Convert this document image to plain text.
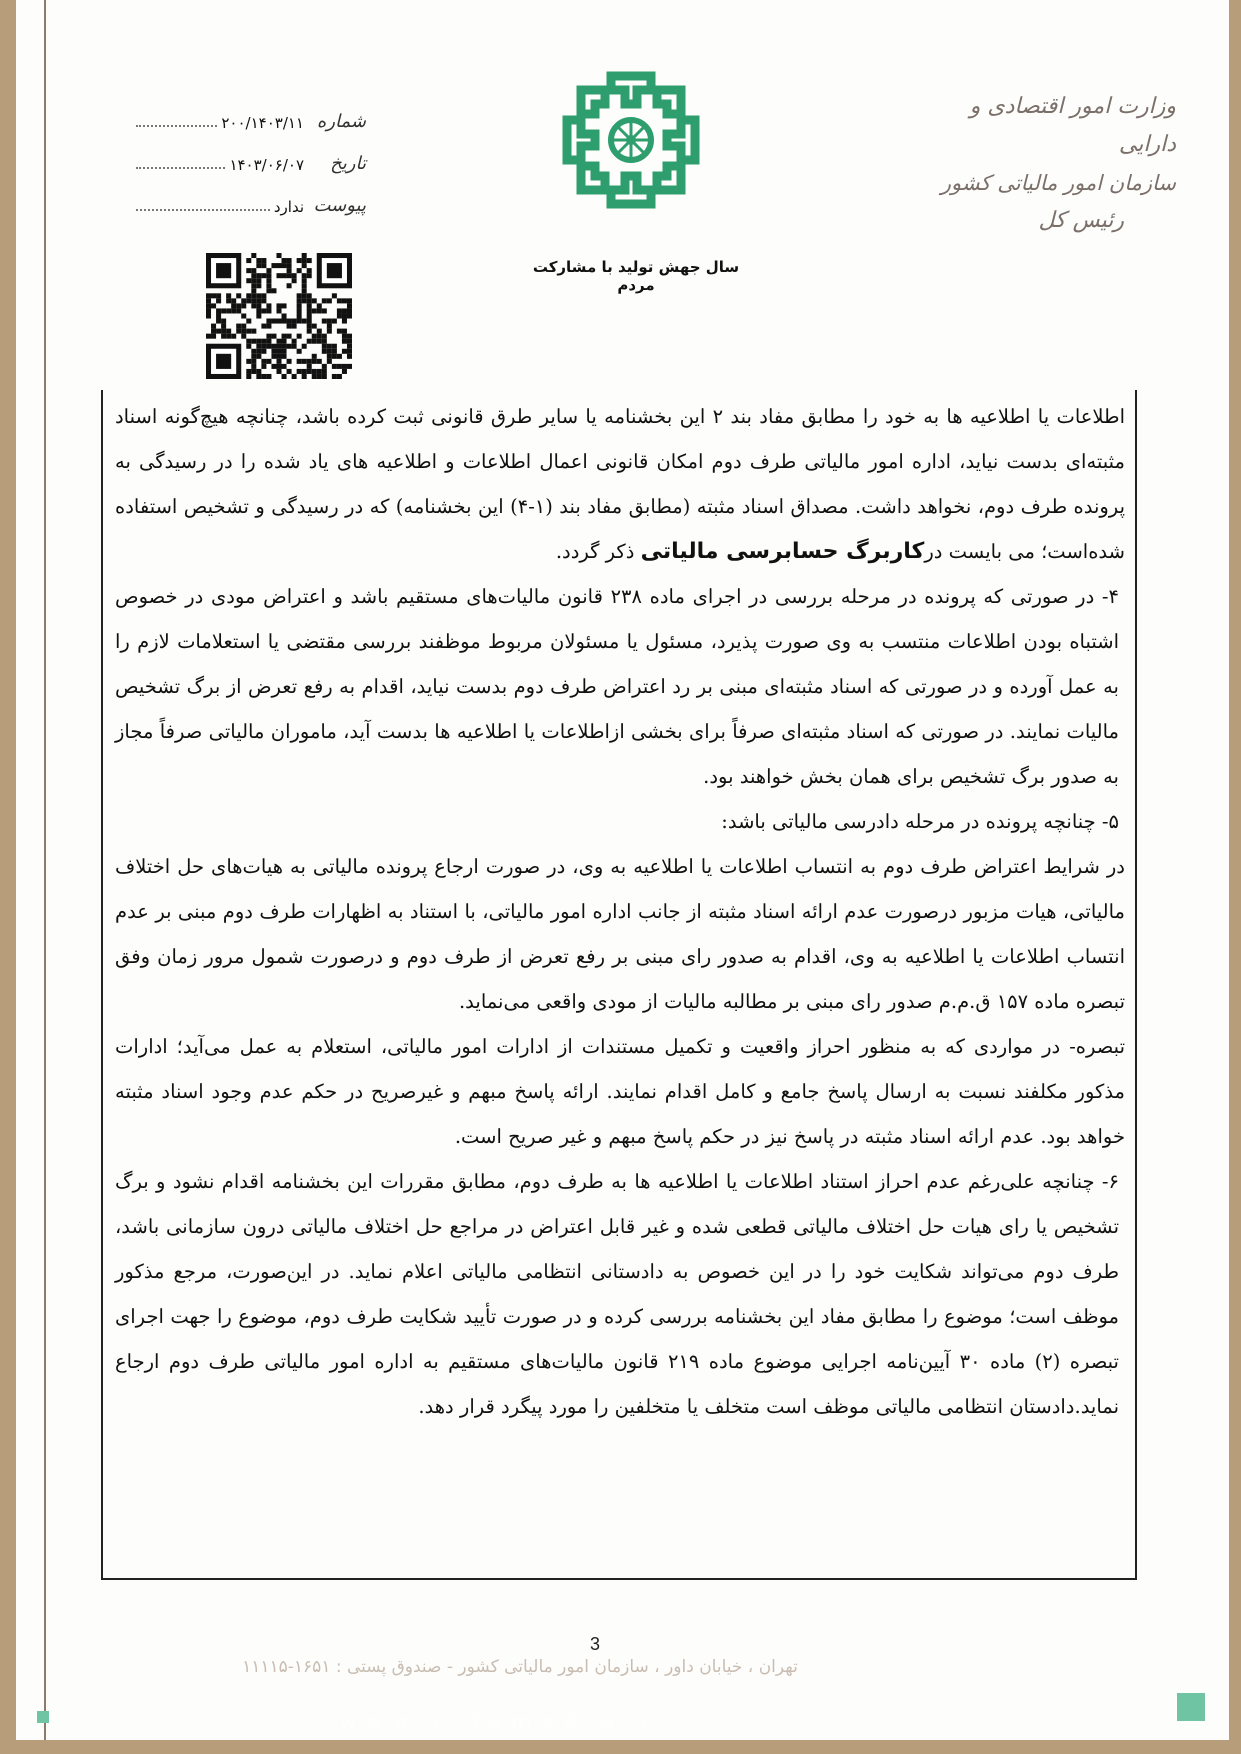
وزارت امور اقتصادی و دارایی
سازمان امور مالیاتی کشور
رئیس کل
سال جهش تولید با مشارکت مردم
شماره
۲۰۰/۱۴۰۳/۱۱
تاریخ
۱۴۰۳/۰۶/۰۷
پیوست
ندارد

اطلاعات یا اطلاعیه ها به خود را مطابق مفاد بند ۲ این بخشنامه یا سایر طرق قانونی ثبت کرده باشد، چنانچه هیچ‌گونه اسناد مثبته‌ای بدست نیاید، اداره امور مالیاتی طرف دوم امکان قانونی اعمال اطلاعات و اطلاعیه های یاد شده را در رسیدگی به پرونده طرف دوم، نخواهد داشت. مصداق اسناد مثبته (مطابق مفاد بند (۱-۴) این بخشنامه) که در رسیدگی و تشخیص استفاده شده‌است؛ می بایست درکاربرگ حسابرسی مالیاتی ذکر گردد.

۴- در صورتی که پرونده در مرحله بررسی در اجرای ماده ۲۳۸ قانون مالیات‌های مستقیم باشد و اعتراض مودی در خصوص اشتباه بودن اطلاعات منتسب به وی صورت پذیرد، مسئول یا مسئولان مربوط موظفند بررسی مقتضی یا استعلامات لازم را به عمل آورده و در صورتی که اسناد مثبته‌ای مبنی بر رد اعتراض طرف دوم بدست نیاید، اقدام به رفع تعرض از برگ تشخیص مالیات نمایند. در صورتی که اسناد مثبته‌ای صرفاً برای بخشی ازاطلاعات یا اطلاعیه ها بدست آید، ماموران مالیاتی صرفاً مجاز به صدور برگ تشخیص برای همان بخش خواهند بود.

۵- چنانچه پرونده در مرحله دادرسی مالیاتی باشد:

در شرایط اعتراض طرف دوم به انتساب اطلاعات یا اطلاعیه به وی، در صورت ارجاع پرونده مالیاتی به هیات‌های حل اختلاف مالیاتی، هیات مزبور درصورت عدم ارائه اسناد مثبته از جانب اداره امور مالیاتی، با استناد به اظهارات طرف دوم مبنی بر عدم انتساب اطلاعات یا اطلاعیه به وی، اقدام به صدور رای مبنی بر رفع تعرض از طرف دوم و درصورت شمول مرور زمان وفق تبصره ماده ۱۵۷ ق.م.م صدور رای مبنی بر مطالبه مالیات از مودی واقعی می‌نماید.

تبصره- در مواردی که به منظور احراز واقعیت و تکمیل مستندات از ادارات امور مالیاتی، استعلام به عمل می‌آید؛ ادارات مذکور مکلفند نسبت به ارسال پاسخ جامع و کامل اقدام نمایند. ارائه پاسخ مبهم و غیرصریح در حکم عدم وجود اسناد مثبته خواهد بود. عدم ارائه اسناد مثبته در پاسخ نیز در حکم پاسخ مبهم و غیر صریح است.

۶- چنانچه علی‌رغم عدم احراز استناد اطلاعات یا اطلاعیه ها به طرف دوم، مطابق مقررات این بخشنامه اقدام نشود و برگ تشخیص یا رای هیات حل اختلاف مالیاتی قطعی شده و غیر قابل اعتراض در مراجع حل اختلاف مالیاتی درون سازمانی باشد، طرف دوم می‌تواند شکایت خود را در این خصوص به دادستانی انتظامی مالیاتی اعلام نماید. در این‌صورت، مرجع مذکور موظف است؛ موضوع را مطابق مفاد این بخشنامه بررسی کرده و در صورت تأیید شکایت طرف دوم، موضوع را جهت اجرای تبصره (۲) ماده ۳۰ آیین‌نامه اجرایی موضوع ماده ۲۱۹ قانون مالیات‌های مستقیم به اداره امور مالیاتی طرف دوم ارجاع نماید.دادستان انتظامی مالیاتی موظف است متخلف یا متخلفین را مورد پیگرد قرار دهد.

3
تهران ، خیابان داور ، سازمان امور مالیاتی کشور - صندوق پستی : ۱۶۵۱-۱۱۱۱۵
www.intamedia.ir
